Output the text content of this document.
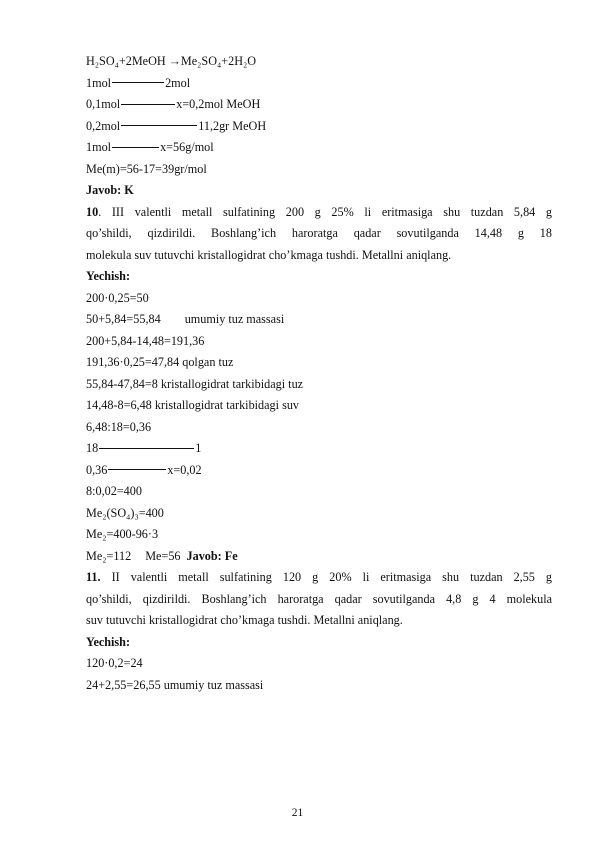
H₂SO₄+2MeOH →Me₂SO₄+2H₂O
1mol	2mol
0,1mol	x=0,2mol MeOH
0,2mol	11,2gr MeOH
1mol	x=56g/mol
Me(m)=56-17=39gr/mol
Javob: K
10. III valentli metall sulfatining 200 g 25% li eritmasiga shu tuzdan 5,84 g
qo’shildi, qizdirildi. Boshlang’ich haroratga qadar sovutilganda 14,48 g 18
molekula suv tutuvchi kristallogidrat cho’kmaga tushdi. Metallni aniqlang.
Yechish:
200·0,25=50
50+5,84=55,84 umumiy tuz massasi
200+5,84-14,48=191,36
191,36·0,25=47,84 qolgan tuz
55,84-47,84=8 kristallogidrat tarkibidagi tuz
14,48-8=6,48 kristallogidrat tarkibidagi suv
6,48:18=0,36
18	1
0,36	x=0,02
8:0,02=400
Me₂(SO₄)₃=400
Me₂=400-96·3
Me₂=112 Me=56 Javob: Fe
11. II valentli metall sulfatining 120 g 20% li eritmasiga shu tuzdan 2,55 g
qo’shildi, qizdirildi. Boshlang’ich haroratga qadar sovutilganda 4,8 g 4 molekula
suv tutuvchi kristallogidrat cho’kmaga tushdi. Metallni aniqlang.
Yechish:
120·0,2=24
24+2,55=26,55 umumiy tuz massasi
21
